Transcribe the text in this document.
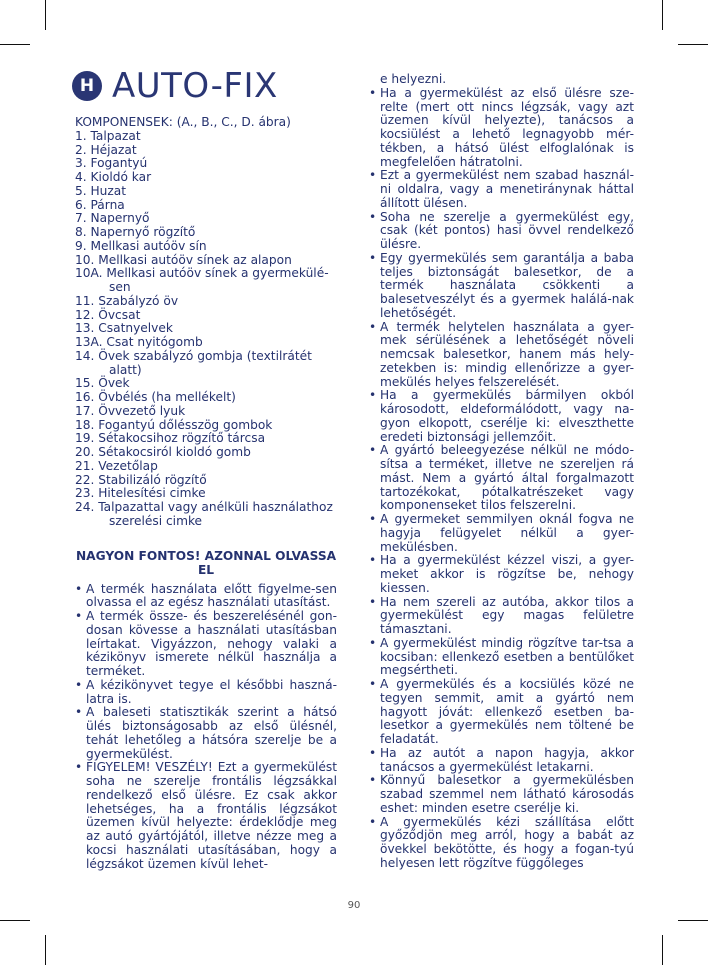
H AUTO-FIX
KOMPONENSEK: (A., B., C., D. ábra)
1. Talpazat
2. Héjazat
3. Fogantyú
4. Kioldó kar
5. Huzat
6. Párna
7. Napernyő
8. Napernyő rögzítő
9. Mellkasi autóöv sín
10. Mellkasi autóöv sínek az alapon
10A. Mellkasi autóöv sínek a gyermekülé-sen
11. Szabályzó öv
12. Övcsat
13. Csatnyelvek
13A. Csat nyitógomb
14. Övek szabályzó gombja (textilrátét alatt)
15. Övek
16. Övbélés (ha mellékelt)
17. Övvezető lyuk
18. Fogantyú dőlésszög gombok
19. Sétakocsihoz rögzítő tárcsa
20. Sétakocsiról kioldó gomb
21. Vezetőlap
22. Stabilizáló rögzítő
23. Hitelesítési cimke
24. Talpazattal vagy anélküli használathoz szerelési cimke
NAGYON FONTOS! AZONNAL OLVASSA EL
• A termék használata előtt figyelme-sen olvassa el az egész használati utasítást.
• A termék össze- és beszerelésénél gon-dosan kövesse a használati utasításban leírtakat. Vigyázzon, nehogy valaki a kézikönyv ismerete nélkül használja a terméket.
• A kézikönyvet tegye el későbbi haszná-latra is.
• A baleseti statisztikák szerint a hátsó ülés biztonságosabb az első ülésnél, tehát lehetőleg a hátsóra szerelje be a gyermekülést.
• FIGYELEM! VESZÉLY! Ezt a gyermekülést soha ne szerelje frontális légzsákkal rendelkező első ülésre. Ez csak akkor lehetséges, ha a frontális légzsákot üzemen kívül helyezte: érdeklődje meg az autó gyártójától, illetve nézze meg a kocsi használati utasításában, hogy a légzsákot üzemen kívül lehet-

e helyezni.

• Ha a gyermekülést az első ülésre sze-relte (mert ott nincs légzsák, vagy azt üzemen kívül helyezte), tanácsos a kocsiülést a lehető legnagyobb mér-tékben, a hátsó ülést elfoglalónak is megfelelően hátratolni.
• Ezt a gyermekülést nem szabad használ-ni oldalra, vagy a menetiránynak háttal állított ülésen.
• Soha ne szerelje a gyermekülést egy, csak (két pontos) hasi övvel rendelkező ülésre.
• Egy gyermekülés sem garantálja a baba teljes biztonságát balesetkor, de a termék használata csökkenti a balesetveszélyt és a gyermek halálá-nak lehetőségét.
• A termék helytelen használata a gyer-mek sérülésének a lehetőségét növeli nemcsak balesetkor, hanem más hely-zetekben is: mindig ellenőrizze a gyer-mekülés helyes felszerelését.
• Ha a gyermekülés bármilyen okból károsodott, eldeformálódott, vagy na-gyon elkopott, cserélje ki: elveszthette eredeti biztonsági jellemzőit.
• A gyártó beleegyezése nélkül ne módo-sítsa a terméket, illetve ne szereljen rá mást. Nem a gyártó által forgalmazott tartozékokat, pótalkatrészeket vagy komponenseket tilos felszerelni.
• A gyermeket semmilyen oknál fogva ne hagyja felügyelet nélkül a gyer-mekülésben.
• Ha a gyermekülést kézzel viszi, a gyer-meket akkor is rögzítse be, nehogy kiessen.
• Ha nem szereli az autóba, akkor tilos a gyermekülést egy magas felületre támasztani.
• A gyermekülést mindig rögzítve tar-tsa a kocsiban: ellenkező esetben a bentülőket megsértheti.
• A gyermekülés és a kocsiülés közé ne tegyen semmit, amit a gyártó nem hagyott jóvát: ellenkező esetben ba-lesetkor a gyermekülés nem töltené be feladatát.
• Ha az autót a napon hagyja, akkor tanácsos a gyermekülést letakarni.
• Könnyű balesetkor a gyermekülésben szabad szemmel nem látható károsodás eshet: minden esetre cserélje ki.
• A gyermekülés kézi szállítása előtt győződjön meg arról, hogy a babát az övekkel bekötötte, és hogy a fogan-tyú helyesen lett rögzítve függőleges
90
